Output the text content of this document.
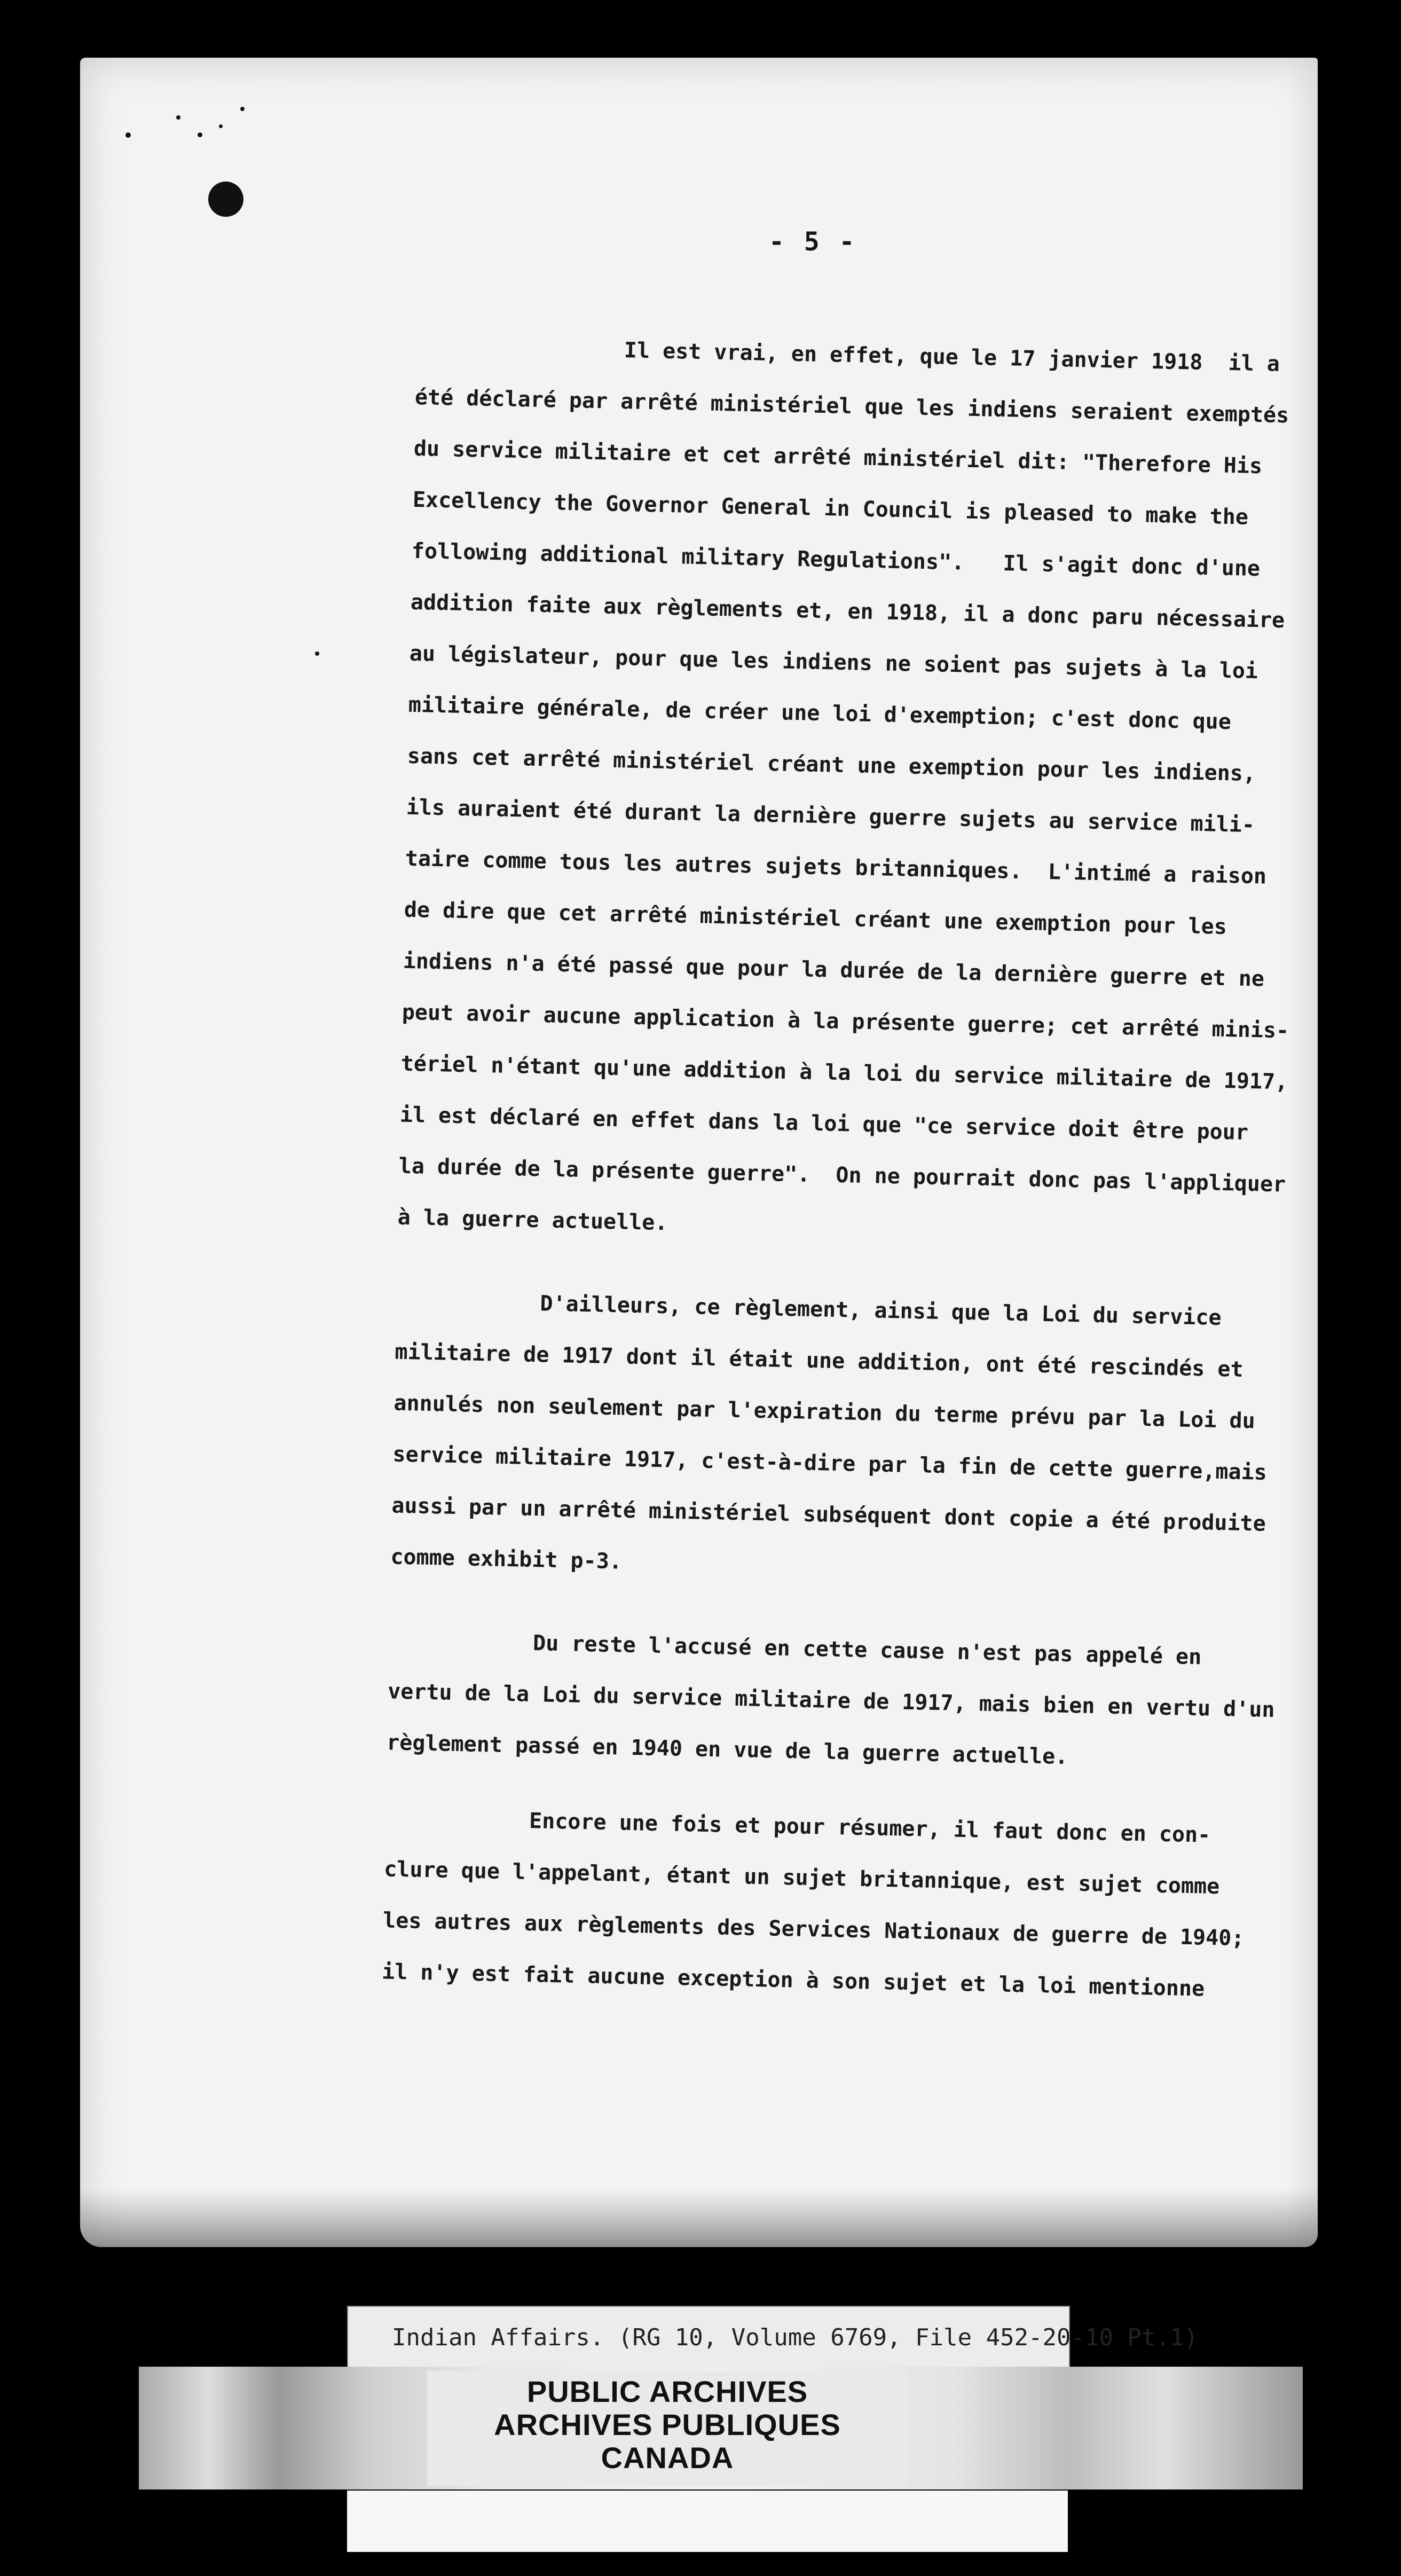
- 5 -
Il est vrai, en effet, que le 17 janvier 1918  il a
été déclaré par arrêté ministériel que les indiens seraient exemptés
du service militaire et cet arrêté ministériel dit: "Therefore His
Excellency the Governor General in Council is pleased to make the
following additional military Regulations".   Il s'agit donc d'une
addition faite aux règlements et, en 1918, il a donc paru nécessaire
au législateur, pour que les indiens ne soient pas sujets à la loi
militaire générale, de créer une loi d'exemption; c'est donc que
sans cet arrêté ministériel créant une exemption pour les indiens,
ils auraient été durant la dernière guerre sujets au service mili-
taire comme tous les autres sujets britanniques.  L'intimé a raison
de dire que cet arrêté ministériel créant une exemption pour les
indiens n'a été passé que pour la durée de la dernière guerre et ne
peut avoir aucune application à la présente guerre; cet arrêté minis-
tériel n'étant qu'une addition à la loi du service militaire de 1917,
il est déclaré en effet dans la loi que "ce service doit être pour
la durée de la présente guerre".  On ne pourrait donc pas l'appliquer
à la guerre actuelle.
D'ailleurs, ce règlement, ainsi que la Loi du service
militaire de 1917 dont il était une addition, ont été rescindés et
annulés non seulement par l'expiration du terme prévu par la Loi du
service militaire 1917, c'est-à-dire par la fin de cette guerre,mais
aussi par un arrêté ministériel subséquent dont copie a été produite
comme exhibit p-3.
Du reste l'accusé en cette cause n'est pas appelé en
vertu de la Loi du service militaire de 1917, mais bien en vertu d'un
règlement passé en 1940 en vue de la guerre actuelle.
Encore une fois et pour résumer, il faut donc en con-
clure que l'appelant, étant un sujet britannique, est sujet comme
les autres aux règlements des Services Nationaux de guerre de 1940;
il n'y est fait aucune exception à son sujet et la loi mentionne
Indian Affairs. (RG 10, Volume 6769, File 452-20-10 Pt.1)
PUBLIC ARCHIVES
ARCHIVES PUBLIQUES
CANADA
